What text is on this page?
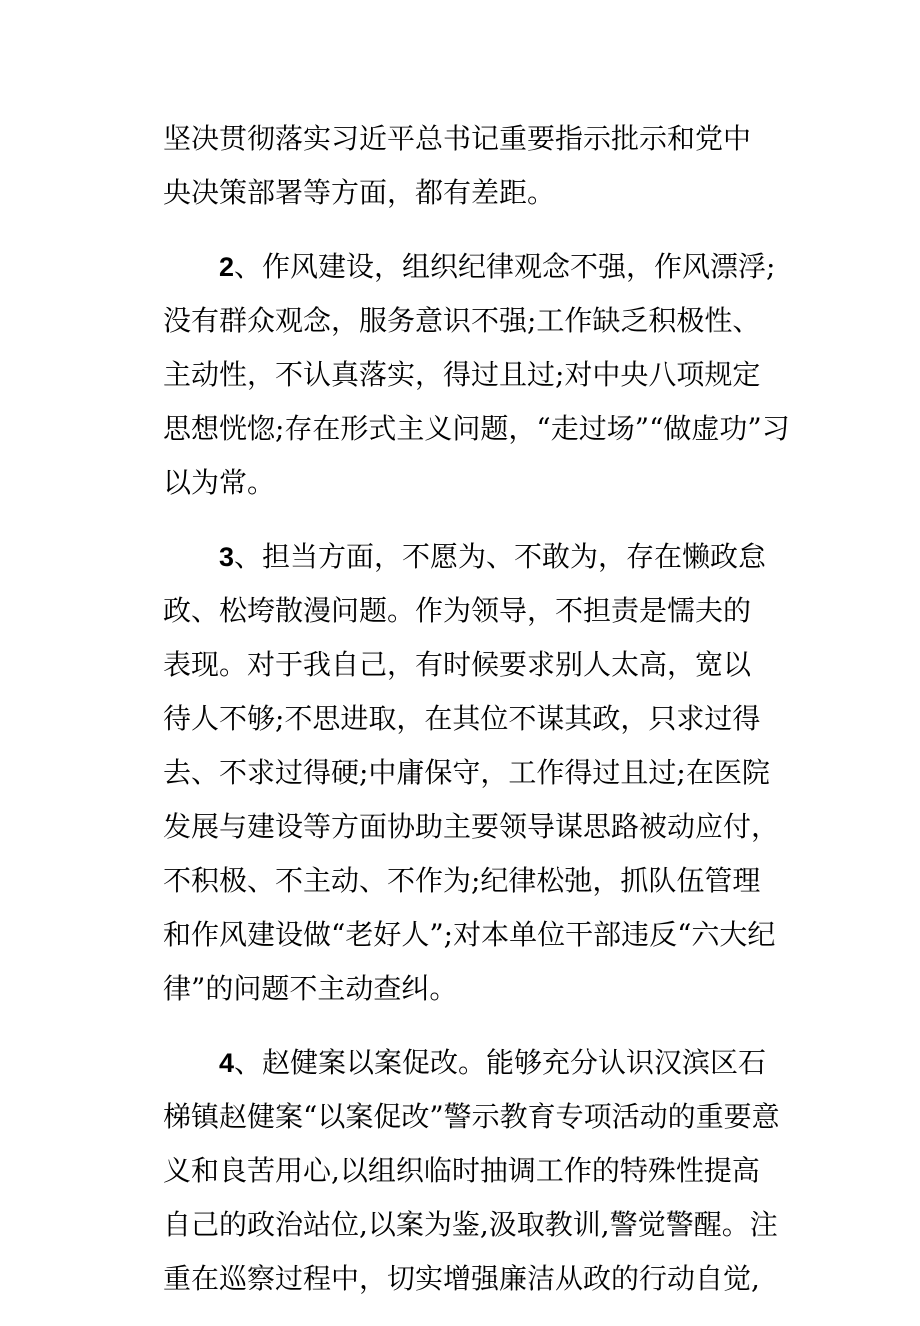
坚决贯彻落实习近平总书记重要指示批示和党中
央决策部署等方面，都有差距。
2、作风建设，组织纪律观念不强，作风漂浮;
没有群众观念，服务意识不强;工作缺乏积极性、
主动性，不认真落实，得过且过;对中央八项规定
思想恍惚;存在形式主义问题，“走过场”“做虚功”习
以为常。
3、担当方面，不愿为、不敢为，存在懒政怠
政、松垮散漫问题。作为领导，不担责是懦夫的
表现。对于我自己，有时候要求别人太高，宽以
待人不够;不思进取，在其位不谋其政，只求过得
去、不求过得硬;中庸保守，工作得过且过;在医院
发展与建设等方面协助主要领导谋思路被动应付，
不积极、不主动、不作为;纪律松弛，抓队伍管理
和作风建设做“老好人”;对本单位干部违反“六大纪
律”的问题不主动查纠。
4、赵健案以案促改。能够充分认识汉滨区石
梯镇赵健案“以案促改”警示教育专项活动的重要意
义和良苦用心,以组织临时抽调工作的特殊性提高
自己的政治站位,以案为鉴,汲取教训,警觉警醒。注
重在巡察过程中，切实增强廉洁从政的行动自觉,
